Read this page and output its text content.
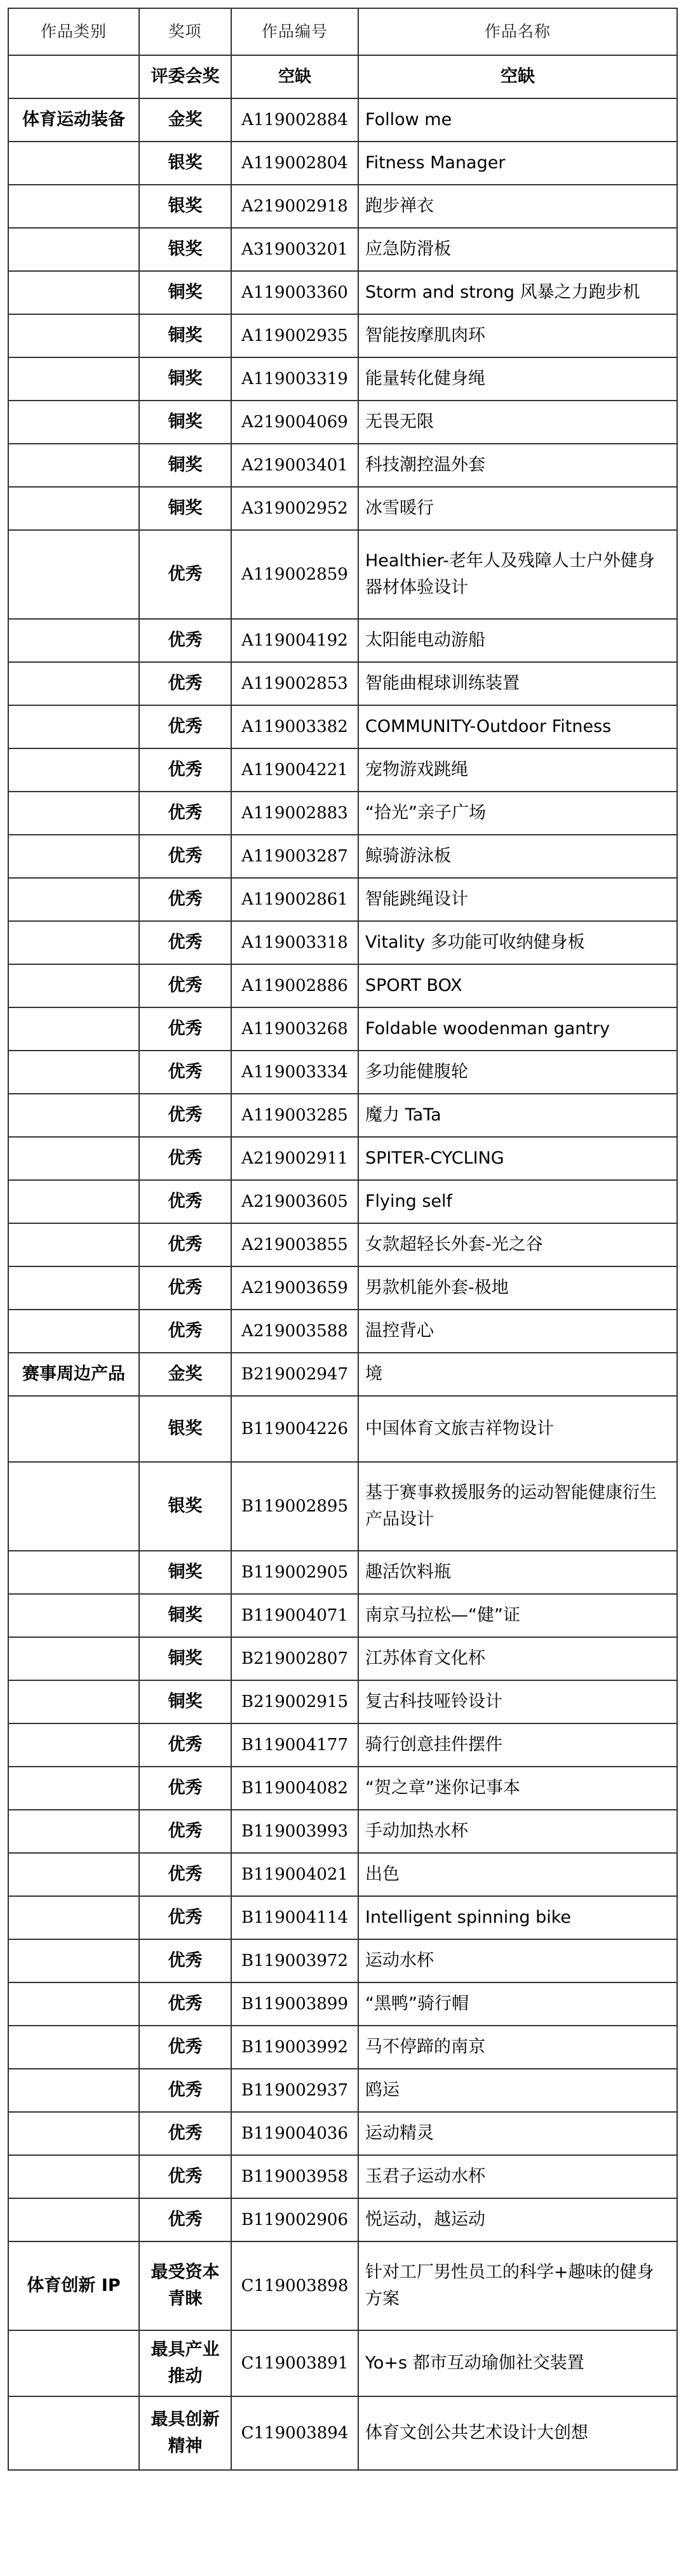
作品类别	奖项	作品编号	作品名称
	评委会奖	空缺	空缺
体育运动装备	金奖	A119002884	Follow me
	银奖	A119002804	Fitness Manager
	银奖	A219002918	跑步禅衣
	银奖	A319003201	应急防滑板
	铜奖	A119003360	Storm and strong 风暴之力跑步机
	铜奖	A119002935	智能按摩肌肉环
	铜奖	A119003319	能量转化健身绳
	铜奖	A219004069	无畏无限
	铜奖	A219003401	科技潮控温外套
	铜奖	A319002952	冰雪暖行
	优秀	A119002859	Healthier-老年人及残障人士户外健身器材体验设计
	优秀	A119004192	太阳能电动游船
	优秀	A119002853	智能曲棍球训练装置
	优秀	A119003382	COMMUNITY-Outdoor Fitness
	优秀	A119004221	宠物游戏跳绳
	优秀	A119002883	“拾光”亲子广场
	优秀	A119003287	鲸骑游泳板
	优秀	A119002861	智能跳绳设计
	优秀	A119003318	Vitality 多功能可收纳健身板
	优秀	A119002886	SPORT BOX
	优秀	A119003268	Foldable woodenman gantry
	优秀	A119003334	多功能健腹轮
	优秀	A119003285	魔力 TaTa
	优秀	A219002911	SPITER-CYCLING
	优秀	A219003605	Flying self
	优秀	A219003855	女款超轻长外套-光之谷
	优秀	A219003659	男款机能外套-极地
	优秀	A219003588	温控背心
赛事周边产品	金奖	B219002947	境
	银奖	B119004226	中国体育文旅吉祥物设计
	银奖	B119002895	基于赛事救援服务的运动智能健康衍生产品设计
	铜奖	B119002905	趣活饮料瓶
	铜奖	B119004071	南京马拉松—“健”证
	铜奖	B219002807	江苏体育文化杯
	铜奖	B219002915	复古科技哑铃设计
	优秀	B119004177	骑行创意挂件摆件
	优秀	B119004082	“贺之章”迷你记事本
	优秀	B119003993	手动加热水杯
	优秀	B119004021	出色
	优秀	B119004114	Intelligent spinning bike
	优秀	B119003972	运动水杯
	优秀	B119003899	“黑鸭”骑行帽
	优秀	B119003992	马不停蹄的南京
	优秀	B119002937	鸥运
	优秀	B119004036	运动精灵
	优秀	B119003958	玉君子运动水杯
	优秀	B119002906	悦运动，越运动
体育创新 IP	最受资本青睐	C119003898	针对工厂男性员工的科学+趣味的健身方案
	最具产业推动	C119003891	Yo+s 都市互动瑜伽社交装置
	最具创新精神	C119003894	体育文创公共艺术设计大创想
